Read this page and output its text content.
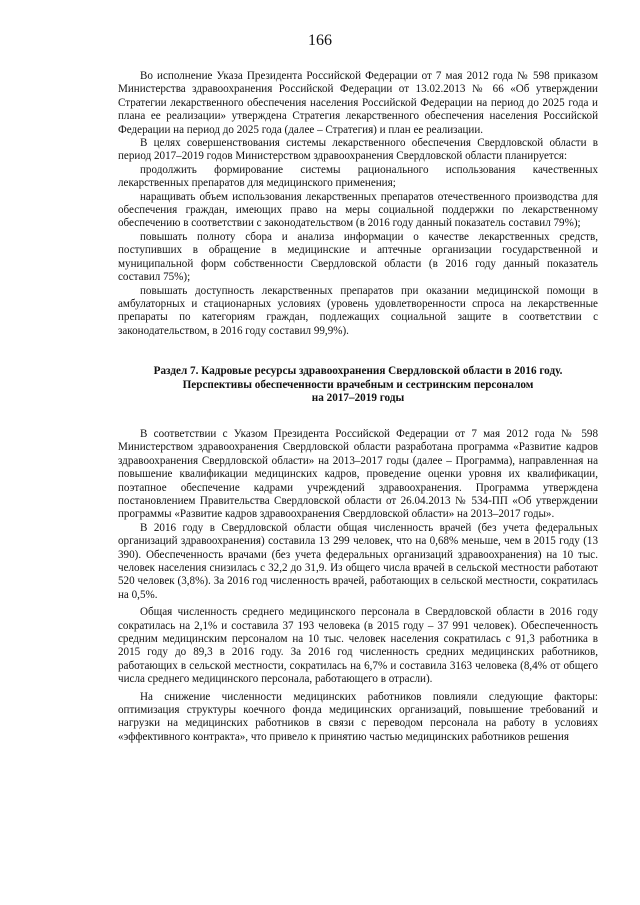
166

Во исполнение Указа Президента Российской Федерации от 7 мая 2012 года № 598 приказом Министерства здравоохранения Российской Федерации от 13.02.2013 № 66 «Об утверждении Стратегии лекарственного обеспечения населения Российской Федерации на период до 2025 года и плана ее реализации» утверждена Стратегия лекарственного обеспечения населения Российской Федерации на период до 2025 года (далее – Стратегия) и план ее реализации.

В целях совершенствования системы лекарственного обеспечения Свердловской области в период 2017–2019 годов Министерством здравоохранения Свердловской области планируется:

продолжить формирование системы рационального использования качественных лекарственных препаратов для медицинского применения;

наращивать объем использования лекарственных препаратов отечественного производства для обеспечения граждан, имеющих право на меры социальной поддержки по лекарственному обеспечению в соответствии с законодательством (в 2016 году данный показатель составил 79%);

повышать полноту сбора и анализа информации о качестве лекарственных средств, поступивших в обращение в медицинские и аптечные организации государственной и муниципальной форм собственности Свердловской области (в 2016 году данный показатель составил 75%);

повышать доступность лекарственных препаратов при оказании медицинской помощи в амбулаторных и стационарных условиях (уровень удовлетворенности спроса на лекарственные препараты по категориям граждан, подлежащих социальной защите в соответствии с законодательством, в 2016 году составил 99,9%).

Раздел 7. Кадровые ресурсы здравоохранения Свердловской области в 2016 году.
Перспективы обеспеченности врачебным и сестринским персоналом
на 2017–2019 годы

В соответствии с Указом Президента Российской Федерации от 7 мая 2012 года № 598 Министерством здравоохранения Свердловской области разработана программа «Развитие кадров здравоохранения Свердловской области» на 2013–2017 годы (далее – Программа), направленная на повышение квалификации медицинских кадров, проведение оценки уровня их квалификации, поэтапное обеспечение кадрами учреждений здравоохранения. Программа утверждена постановлением Правительства Свердловской области от 26.04.2013 № 534-ПП «Об утверждении программы «Развитие кадров здравоохранения Свердловской области» на 2013–2017 годы».

В 2016 году в Свердловской области общая численность врачей (без учета федеральных организаций здравоохранения) составила 13 299 человек, что на 0,68% меньше, чем в 2015 году (13 390). Обеспеченность врачами (без учета федеральных организаций здравоохранения) на 10 тыс. человек населения снизилась с 32,2 до 31,9. Из общего числа врачей в сельской местности работают 520 человек (3,8%). За 2016 год численность врачей, работающих в сельской местности, сократилась на 0,5%.

Общая численность среднего медицинского персонала в Свердловской области в 2016 году сократилась на 2,1% и составила 37 193 человека (в 2015 году – 37 991 человек). Обеспеченность средним медицинским персоналом на 10 тыс. человек населения сократилась с 91,3 работника в 2015 году до 89,3 в 2016 году. За 2016 год численность средних медицинских работников, работающих в сельской местности, сократилась на 6,7% и составила 3163 человека (8,4% от общего числа среднего медицинского персонала, работающего в отрасли).

На снижение численности медицинских работников повлияли следующие факторы: оптимизация структуры коечного фонда медицинских организаций, повышение требований и нагрузки на медицинских работников в связи с переводом персонала на работу в условиях «эффективного контракта», что привело к принятию частью медицинских работников решения
